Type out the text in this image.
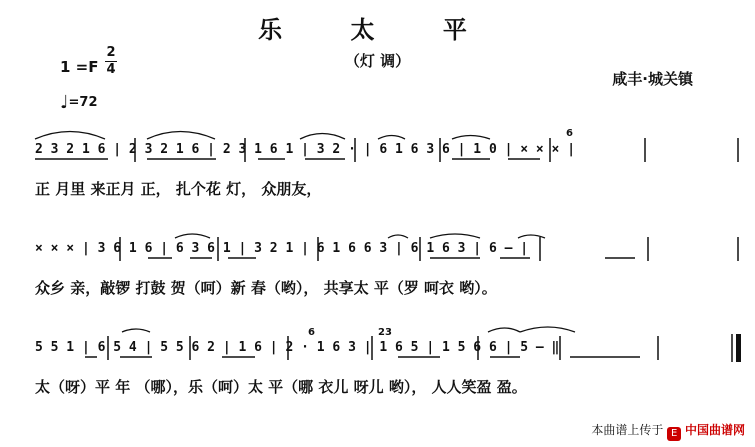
乐 太 平
（灯 调）
1 =F
2
4
♩=72
咸丰·城关镇
2 3 2 1 6 | 2 3 2 1 6 | 2 3 1 6 1 | 3 2 · | 6 1 6 3 6 | 1 0 | × × × |
正 月里 来正月 正， 扎个花 灯， 众朋友，
× × × | 3 6 1 6 | 6 3 6 1 | 3 2 1 | 6 1 6 6 3 | 6 1 6 3 | 6 — |
众乡 亲，敲锣 打鼓 贺（呵）新 春（哟）， 共享太 平（罗 呵衣 哟）。
5 5 1 | 6 5 4 | 5 5 6 2 | 1 6 | 2 · 1 6 3 | 1 6 5 | 1 5 6 6 | 5 — ‖
太（呀）平 年 （哪），乐（呵）太 平（哪 衣儿 呀儿 哟）， 人人笑盈 盈。
6
6	23
本曲谱上传于 E 中国曲谱网
